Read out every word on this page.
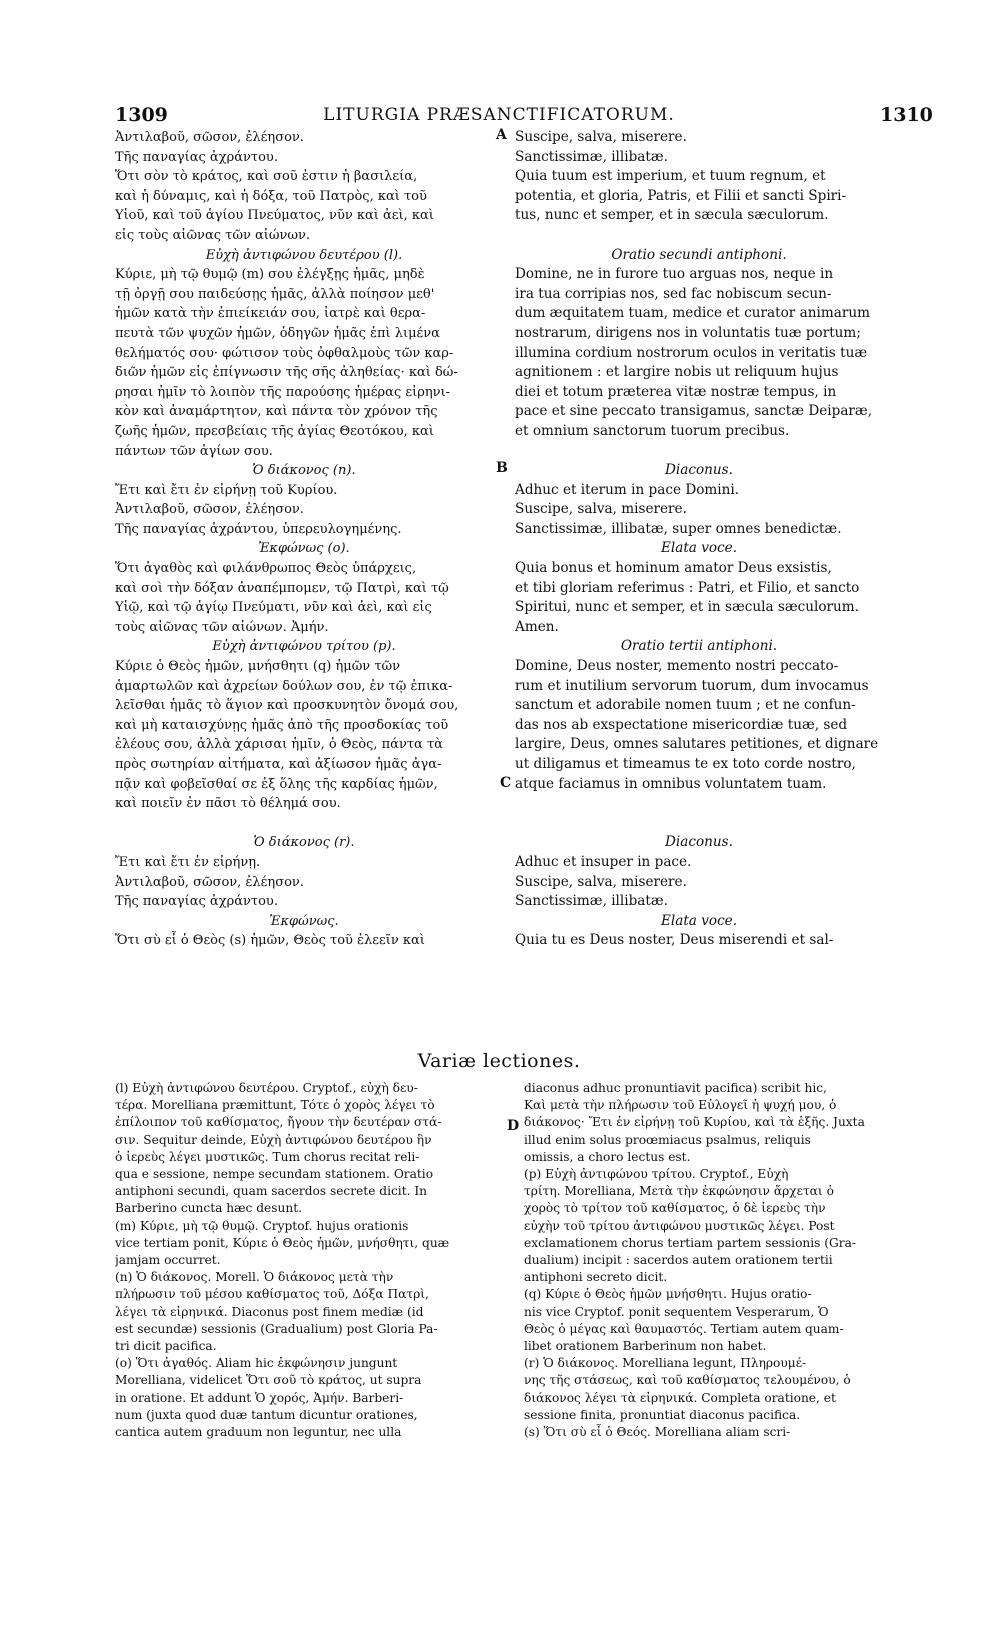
1309	LITURGIA PRÆSANCTIFICATORUM.	1310
A
B
C
D
Ἀντιλαβοῦ, σῶσον, ἐλέησον.
Τῆς παναγίας ἀχράντου.
Ὅτι σὸν τὸ κράτος, καὶ σοῦ ἐστιν ἡ βασιλεία,
καὶ ἡ δύναμις, καὶ ἡ δόξα, τοῦ Πατρὸς, καὶ τοῦ
Υἱοῦ, καὶ τοῦ ἁγίου Πνεύματος, νῦν καὶ ἀεὶ, καὶ
εἰς τοὺς αἰῶνας τῶν αἰώνων.
Εὐχὴ ἀντιφώνου δευτέρου (l).
Κύριε, μὴ τῷ θυμῷ (m) σου ἐλέγξῃς ἡμᾶς, μηδὲ
τῇ ὀργῇ σου παιδεύσῃς ἡμᾶς, ἀλλὰ ποίησον μεθ'
ἡμῶν κατὰ τὴν ἐπιείκειάν σου, ἰατρὲ καὶ θερα-
πευτὰ τῶν ψυχῶν ἡμῶν, ὁδηγῶν ἡμᾶς ἐπὶ λιμένα
θελήματός σου· φώτισον τοὺς ὀφθαλμοὺς τῶν καρ-
διῶν ἡμῶν εἰς ἐπίγνωσιν τῆς σῆς ἀληθείας· καὶ δώ-
ρησαι ἡμῖν τὸ λοιπὸν τῆς παρούσης ἡμέρας εἰρηνι-
κὸν καὶ ἀναμάρτητον, καὶ πάντα τὸν χρόνον τῆς
ζωῆς ἡμῶν, πρεσβείαις τῆς ἁγίας Θεοτόκου, καὶ
πάντων τῶν ἁγίων σου.
Ὁ διάκονος (n).
Ἔτι καὶ ἔτι ἐν εἰρήνῃ τοῦ Κυρίου.
Ἀντιλαβοῦ, σῶσον, ἐλέησον.
Τῆς παναγίας ἀχράντου, ὑπερευλογημένης.
Ἐκφώνως (o).
Ὅτι ἀγαθὸς καὶ φιλάνθρωπος Θεὸς ὑπάρχεις,
καὶ σοὶ τὴν δόξαν ἀναπέμπομεν, τῷ Πατρὶ, καὶ τῷ
Υἱῷ, καὶ τῷ ἁγίῳ Πνεύματι, νῦν καὶ ἀεὶ, καὶ εἰς
τοὺς αἰῶνας τῶν αἰώνων. Ἀμήν.
Εὐχὴ ἀντιφώνου τρίτου (p).
Κύριε ὁ Θεὸς ἡμῶν, μνήσθητι (q) ἡμῶν τῶν
ἁμαρτωλῶν καὶ ἀχρείων δούλων σου, ἐν τῷ ἐπικα-
λεῖσθαι ἡμᾶς τὸ ἅγιον καὶ προσκυνητὸν ὄνομά σου,
καὶ μὴ καταισχύνῃς ἡμᾶς ἀπὸ τῆς προσδοκίας τοῦ
ἐλέους σου, ἀλλὰ χάρισαι ἡμῖν, ὁ Θεὸς, πάντα τὰ
πρὸς σωτηρίαν αἰτήματα, καὶ ἀξίωσον ἡμᾶς ἀγα-
πᾷν καὶ φοβεῖσθαί σε ἐξ ὅλης τῆς καρδίας ἡμῶν,
καὶ ποιεῖν ἐν πᾶσι τὸ θέλημά σου.

Ὁ διάκονος (r).
Ἔτι καὶ ἔτι ἐν εἰρήνῃ.
Ἀντιλαβοῦ, σῶσον, ἐλέησον.
Τῆς παναγίας ἀχράντου.
Ἐκφώνως.
Ὅτι σὺ εἶ ὁ Θεὸς (s) ἡμῶν, Θεὸς τοῦ ἐλεεῖν καὶ
Suscipe, salva, miserere.
Sanctissimæ, illibatæ.
Quia tuum est imperium, et tuum regnum, et
potentia, et gloria, Patris, et Filii et sancti Spiri-
tus, nunc et semper, et in sæcula sæculorum.

Oratio secundi antiphoni.
Domine, ne in furore tuo arguas nos, neque in
ira tua corripias nos, sed fac nobiscum secun-
dum æquitatem tuam, medice et curator animarum
nostrarum, dirigens nos in voluntatis tuæ portum;
illumina cordium nostrorum oculos in veritatis tuæ
agnitionem : et largire nobis ut reliquum hujus
diei et totum præterea vitæ nostræ tempus, in
pace et sine peccato transigamus, sanctæ Deiparæ,
et omnium sanctorum tuorum precibus.

Diaconus.
Adhuc et iterum in pace Domini.
Suscipe, salva, miserere.
Sanctissimæ, illibatæ, super omnes benedictæ.
Elata voce.
Quia bonus et hominum amator Deus exsistis,
et tibi gloriam referimus : Patri, et Filio, et sancto
Spiritui, nunc et semper, et in sæcula sæculorum.
Amen.
Oratio tertii antiphoni.
Domine, Deus noster, memento nostri peccato-
rum et inutilium servorum tuorum, dum invocamus
sanctum et adorabile nomen tuum ; et ne confun-
das nos ab exspectatione misericordiæ tuæ, sed
largire, Deus, omnes salutares petitiones, et dignare
ut diligamus et timeamus te ex toto corde nostro,
atque faciamus in omnibus voluntatem tuam.

Diaconus.
Adhuc et insuper in pace.
Suscipe, salva, miserere.
Sanctissimæ, illibatæ.
Elata voce.
Quia tu es Deus noster, Deus miserendi et sal-
Variæ lectiones.
(l) Εὐχὴ ἀντιφώνου δευτέρου. Cryptof., εὐχὴ δευ-
τέρα. Morelliana præmittunt, Τότε ὁ χορὸς λέγει τὸ
ἐπίλοιπον τοῦ καθίσματος, ἤγουν τὴν δευτέραν στά-
σιν. Sequitur deinde, Εὐχὴ ἀντιφώνου δευτέρου ἣν
ὁ ἱερεὺς λέγει μυστικῶς. Tum chorus recitat reli-
qua e sessione, nempe secundam stationem. Oratio
antiphoni secundi, quam sacerdos secrete dicit. In
Barberino cuncta hæc desunt.
(m) Κύριε, μὴ τῷ θυμῷ. Cryptof. hujus orationis
vice tertiam ponit, Κύριε ὁ Θεὸς ἡμῶν, μνήσθητι, quæ
jamjam occurret.
(n) Ὁ διάκονος. Morell. Ὁ διάκονος μετὰ τὴν
πλήρωσιν τοῦ μέσου καθίσματος τοῦ, Δόξα Πατρὶ,
λέγει τὰ εἰρηνικά. Diaconus post finem mediæ (id
est secundæ) sessionis (Gradualium) post Gloria Pa-
tri dicit pacifica.
(o) Ὅτι ἀγαθός. Aliam hic ἐκφώνησιν jungunt
Morelliana, videlicet Ὅτι σοῦ τὸ κράτος, ut supra
in oratione. Et addunt Ὁ χορός, Ἀμήν. Barberi-
num (juxta quod duæ tantum dicuntur orationes,
cantica autem graduum non leguntur, nec ulla
diaconus adhuc pronuntiavit pacifica) scribit hic,
Καὶ μετὰ τὴν πλήρωσιν τοῦ Εὐλογεῖ ἡ ψυχή μου, ὁ
διάκονος· Ἔτι ἐν εἰρήνῃ τοῦ Κυρίου, καὶ τὰ ἑξῆς. Juxta
illud enim solus proœmiacus psalmus, reliquis
omissis, a choro lectus est.
(p) Εὐχὴ ἀντιφώνου τρίτου. Cryptof., Εὐχὴ
τρίτη. Morelliana, Μετὰ τὴν ἐκφώνησιν ἄρχεται ὁ
χορὸς τὸ τρίτον τοῦ καθίσματος, ὁ δὲ ἱερεὺς τὴν
εὐχὴν τοῦ τρίτου ἀντιφώνου μυστικῶς λέγει. Post
exclamationem chorus tertiam partem sessionis (Gra-
dualium) incipit : sacerdos autem orationem tertii
antiphoni secreto dicit.
(q) Κύριε ὁ Θεὸς ἡμῶν μνήσθητι. Hujus oratio-
nis vice Cryptof. ponit sequentem Vesperarum, Ὁ
Θεὸς ὁ μέγας καὶ θαυμαστός. Tertiam autem quam-
libet orationem Barberinum non habet.
(r) Ὁ διάκονος. Morelliana legunt, Πληρουμέ-
νης τῆς στάσεως, καὶ τοῦ καθίσματος τελουμένου, ὁ
διάκονος λέγει τὰ εἰρηνικά. Completa oratione, et
sessione finita, pronuntiat diaconus pacifica.
(s) Ὅτι σὺ εἶ ὁ Θεός. Morelliana aliam scri-
